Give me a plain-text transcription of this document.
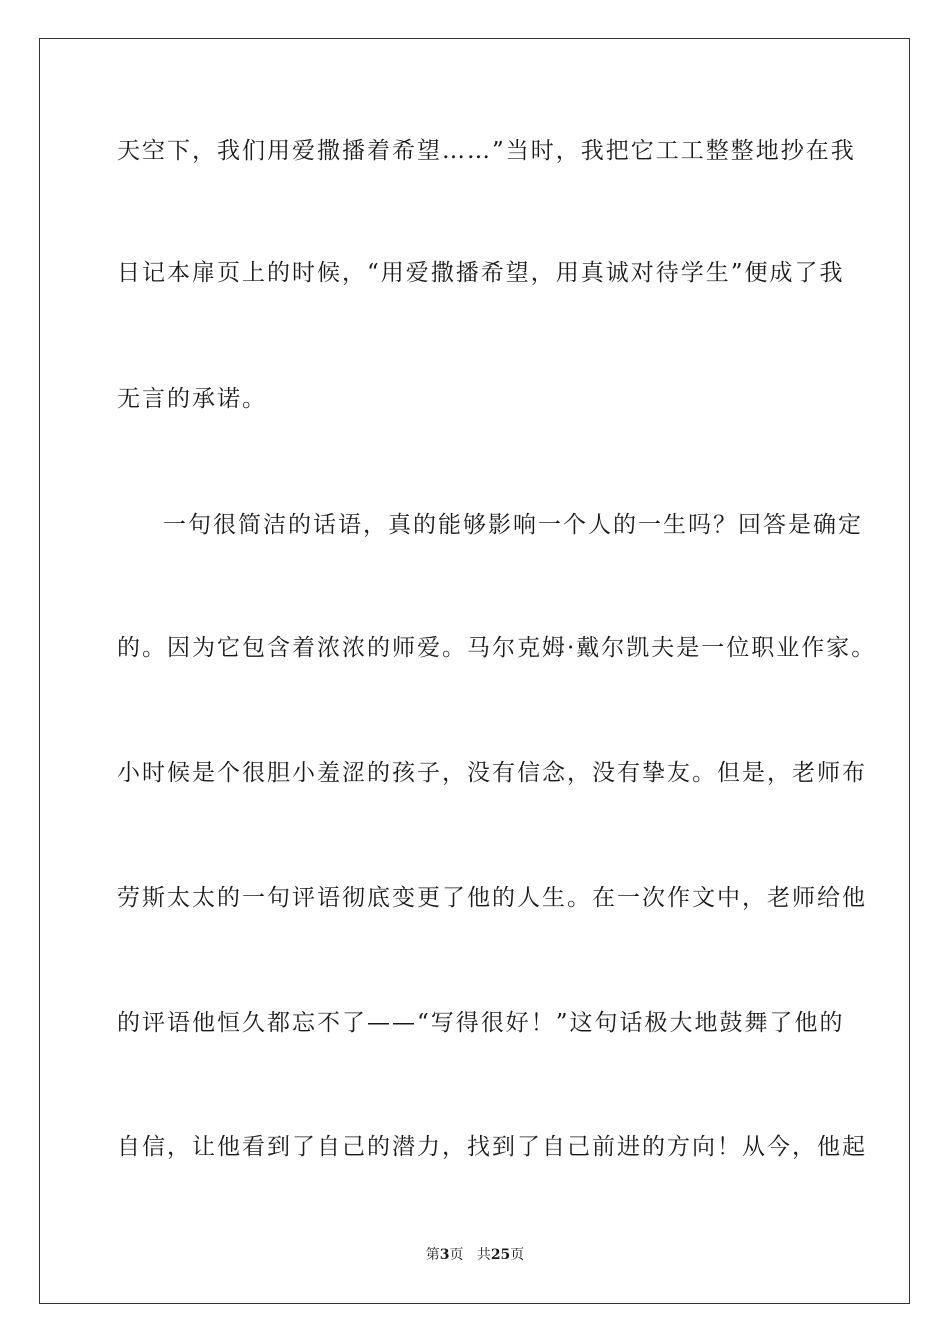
天空下，我们用爱撒播着希望……”当时，我把它工工整整地抄在我
日记本扉页上的时候，“用爱撒播希望，用真诚对待学生”便成了我
无言的承诺。
一句很简洁的话语，真的能够影响一个人的一生吗？回答是确定
的。因为它包含着浓浓的师爱。马尔克姆·戴尔凯夫是一位职业作家。
小时候是个很胆小羞涩的孩子，没有信念，没有挚友。但是，老师布
劳斯太太的一句评语彻底变更了他的人生。在一次作文中，老师给他
的评语他恒久都忘不了——“写得很好！”这句话极大地鼓舞了他的
自信，让他看到了自己的潜力，找到了自己前进的方向！从今，他起
第3页 共25页
